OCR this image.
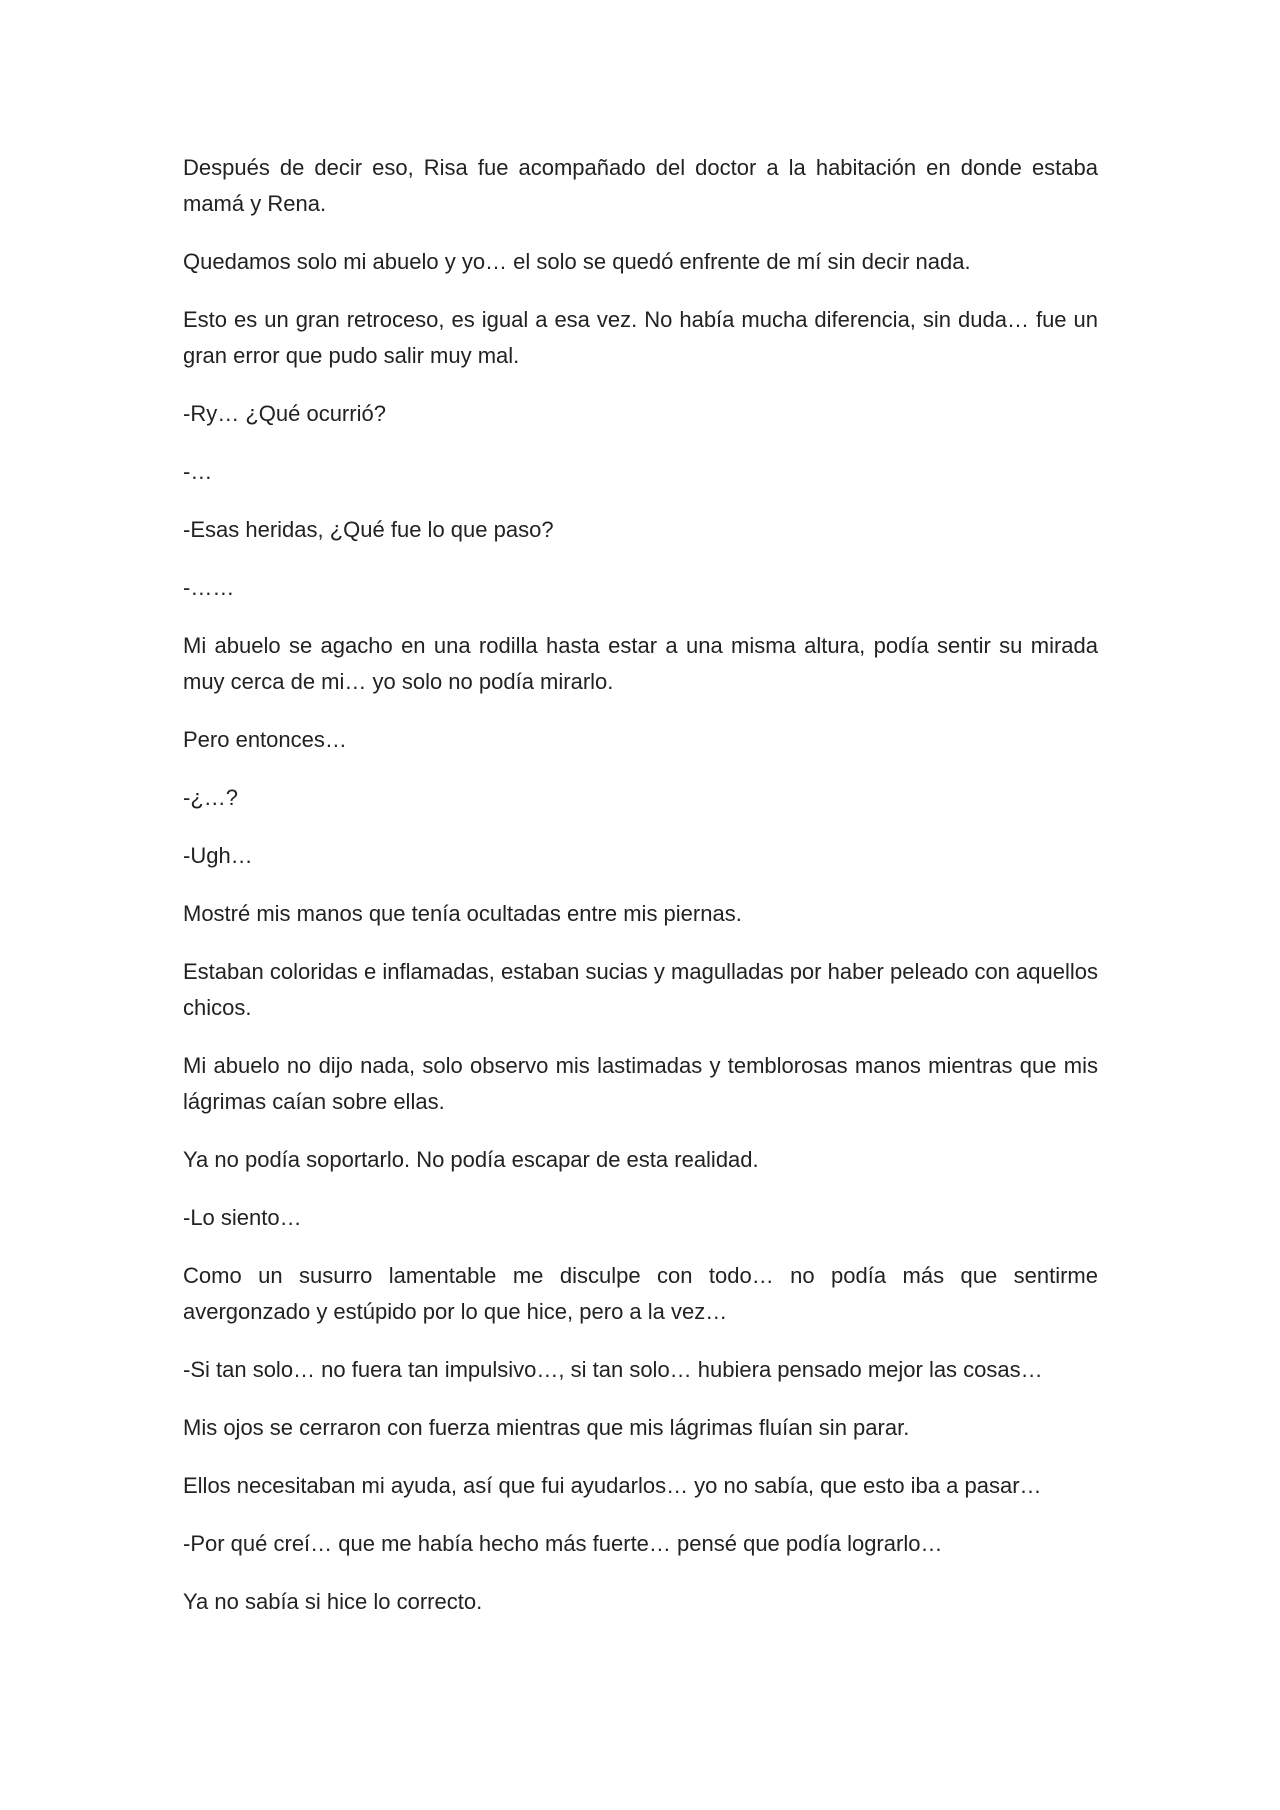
Después de decir eso, Risa fue acompañado del doctor a la habitación en donde estaba mamá y Rena.

Quedamos solo mi abuelo y yo… el solo se quedó enfrente de mí sin decir nada.

Esto es un gran retroceso, es igual a esa vez. No había mucha diferencia, sin duda… fue un gran error que pudo salir muy mal.

-Ry… ¿Qué ocurrió?

-…

-Esas heridas, ¿Qué fue lo que paso?

-……

Mi abuelo se agacho en una rodilla hasta estar a una misma altura, podía sentir su mirada muy cerca de mi… yo solo no podía mirarlo.

Pero entonces…

-¿…?

-Ugh…

Mostré mis manos que tenía ocultadas entre mis piernas.

Estaban coloridas e inflamadas, estaban sucias y magulladas por haber peleado con aquellos chicos.

Mi abuelo no dijo nada, solo observo mis lastimadas y temblorosas manos mientras que mis lágrimas caían sobre ellas.

Ya no podía soportarlo. No podía escapar de esta realidad.

-Lo siento…

Como un susurro lamentable me disculpe con todo… no podía más que sentirme avergonzado y estúpido por lo que hice, pero a la vez…

-Si tan solo… no fuera tan impulsivo…, si tan solo… hubiera pensado mejor las cosas…

Mis ojos se cerraron con fuerza mientras que mis lágrimas fluían sin parar.

Ellos necesitaban mi ayuda, así que fui ayudarlos… yo no sabía, que esto iba a pasar…

-Por qué creí… que me había hecho más fuerte… pensé que podía lograrlo…

Ya no sabía si hice lo correcto.
